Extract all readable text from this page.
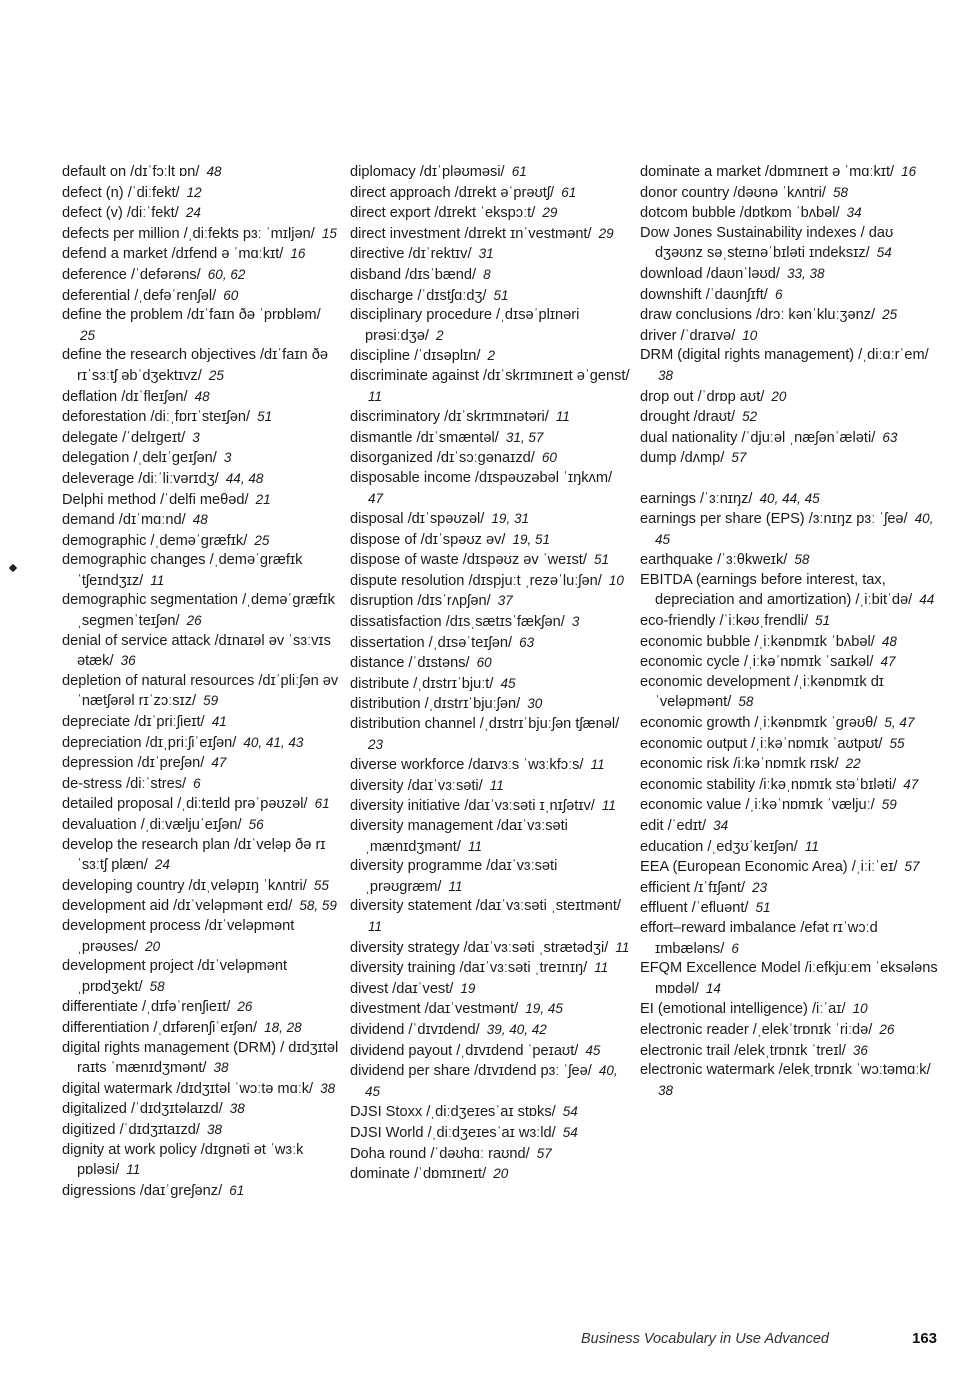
default on /dɪˈfɔːlt ɒn/ 48
defect (n) /ˈdiːfekt/ 12
defect (v) /diːˈfekt/ 24
defects per million /ˌdiːfekts pɜː ˈmɪljən/ 15
defend a market /dɪfend ə ˈmɑːkɪt/ 16
deference /ˈdefərəns/ 60, 62
deferential /ˌdefəˈrenʃəl/ 60
define the problem /dɪˈfaɪn ðə ˈprɒbləm/ 25
define the research objectives /dɪˈfaɪn ðə rɪˈsɜːtʃ əbˈdʒektɪvz/ 25
deflation /dɪˈfleɪʃən/ 48
deforestation /diːˌfɒrɪˈsteɪʃən/ 51
delegate /ˈdelɪgeɪt/ 3
delegation /ˌdelɪˈgeɪʃən/ 3
deleverage /diːˈliːvərɪdʒ/ 44, 48
Delphi method /ˈdelfi meθəd/ 21
demand /dɪˈmɑːnd/ 48
demographic /ˌdeməˈgræfɪk/ 25
demographic changes /ˌdeməˈgræfɪk ˈtʃeɪndʒɪz/ 11
demographic segmentation /ˌdeməˈgræfɪk ˌsegmenˈteɪʃən/ 26
denial of service attack /dɪnaɪəl əv ˈsɜːvɪs ətæk/ 36
depletion of natural resources /dɪˈpliːʃən əv ˈnætʃərəl rɪˈzɔːsɪz/ 59
depreciate /dɪˈpriːʃieɪt/ 41
depreciation /dɪˌpriːʃiˈeɪʃən/ 40, 41, 43
depression /dɪˈpreʃən/ 47
de-stress /diːˈstres/ 6
detailed proposal /ˌdiːteɪld prəˈpəʊzəl/ 61
devaluation /ˌdiːvæljuˈeɪʃən/ 56
develop the research plan /dɪˈveləp ðə rɪˈsɜːtʃ plæn/ 24
developing country /dɪˌveləpɪŋ ˈkʌntri/ 55
development aid /dɪˈveləpmənt eɪd/ 58, 59
development process /dɪˈveləpmənt ˌprəʊses/ 20
development project /dɪˈveləpmənt ˌprɒdʒekt/ 58
differentiate /ˌdɪfəˈrenʃieɪt/ 26
differentiation /ˌdɪfərenʃiˈeɪʃən/ 18, 28
digital rights management (DRM) / dɪdʒɪtəl raɪts ˈmænɪdʒmənt/ 38
digital watermark /dɪdʒɪtəl ˈwɔːtə mɑːk/ 38
digitalized /ˈdɪdʒɪtəlaɪzd/ 38
digitized /ˈdɪdʒɪtaɪzd/ 38
dignity at work policy /dɪgnəti ət ˈwɜːk pɒləsi/ 11
digressions /daɪˈgreʃənz/ 61
diplomacy /dɪˈpləʊməsi/ 61
direct approach /dɪrekt əˈprəʊtʃ/ 61
direct export /dɪrekt ˈekspɔːt/ 29
direct investment /dɪrekt ɪnˈvestmənt/ 29
directive /dɪˈrektɪv/ 31
disband /dɪsˈbænd/ 8
discharge /ˈdɪstʃɑːdʒ/ 51
disciplinary procedure /ˌdɪsəˈplɪnəri prəsiːdʒə/ 2
discipline /ˈdɪsəplɪn/ 2
discriminate against /dɪˈskrɪmɪneɪt əˈgenst/ 11
discriminatory /dɪˈskrɪmɪnətəri/ 11
dismantle /dɪˈsmæntəl/ 31, 57
disorganized /dɪˈsɔːgənaɪzd/ 60
disposable income /dɪspəʊzəbəl ˈɪŋkʌm/ 47
disposal /dɪˈspəʊzəl/ 19, 31
dispose of /dɪˈspəʊz əv/ 19, 51
dispose of waste /dɪspəʊz əv ˈweɪst/ 51
dispute resolution /dɪspjuːt ˌrezəˈluːʃən/ 10
disruption /dɪsˈrʌpʃən/ 37
dissatisfaction /dɪsˌsætɪsˈfækʃən/ 3
dissertation /ˌdɪsəˈteɪʃən/ 63
distance /ˈdɪstəns/ 60
distribute /ˌdɪstrɪˈbjuːt/ 45
distribution /ˌdɪstrɪˈbjuːʃən/ 30
distribution channel /ˌdɪstrɪˈbjuːʃən tʃænəl/ 23
diverse workforce /daɪvɜːs ˈwɜːkfɔːs/ 11
diversity /daɪˈvɜːsəti/ 11
diversity initiative /daɪˈvɜːsəti ɪˌnɪʃətɪv/ 11
diversity management /daɪˈvɜːsəti ˌmænɪdʒmənt/ 11
diversity programme /daɪˈvɜːsəti ˌprəʊgræm/ 11
diversity statement /daɪˈvɜːsəti ˌsteɪtmənt/ 11
diversity strategy /daɪˈvɜːsəti ˌstrætədʒi/ 11
diversity training /daɪˈvɜːsəti ˌtreɪnɪŋ/ 11
divest /daɪˈvest/ 19
divestment /daɪˈvestmənt/ 19, 45
dividend /ˈdɪvɪdend/ 39, 40, 42
dividend payout /ˌdɪvɪdend ˈpeɪaʊt/ 45
dividend per share /dɪvɪdend pɜː ˈʃeə/ 40, 45
DJSI Stoxx /ˌdiːdʒeɪesˈaɪ stɒks/ 54
DJSI World /ˌdiːdʒeɪesˈaɪ wɜːld/ 54
Doha round /ˈdəʊhɑː raʊnd/ 57
dominate /ˈdɒmɪneɪt/ 20
dominate a market /dɒmɪneɪt ə ˈmɑːkɪt/ 16
donor country /dəʊnə ˈkʌntri/ 58
dotcom bubble /dɒtkɒm ˈbʌbəl/ 34
Dow Jones Sustainability indexes / daʊ dʒəʊnz səˌsteɪnəˈbɪləti ɪndeksɪz/ 54
download /daʊnˈləʊd/ 33, 38
downshift /ˈdaʊnʃɪft/ 6
draw conclusions /drɔː kənˈkluːʒənz/ 25
driver /ˈdraɪvə/ 10
DRM (digital rights management) /ˌdiːɑːrˈem/ 38
drop out /ˈdrɒp aʊt/ 20
drought /draʊt/ 52
dual nationality /ˈdjuːəl ˌnæʃənˈæləti/ 63
dump /dʌmp/ 57
earnings /ˈɜːnɪŋz/ 40, 44, 45
earnings per share (EPS) /ɜːnɪŋz pɜː ˈʃeə/ 40, 45
earthquake /ˈɜːθkweɪk/ 58
EBITDA (earnings before interest, tax, depreciation and amortization) /ˌiːbitˈdə/ 44
eco-friendly /ˈiːkəʊˌfrendli/ 51
economic bubble /ˌiːkənɒmɪk ˈbʌbəl/ 48
economic cycle /ˌiːkəˈnɒmɪk ˈsaɪkəl/ 47
economic development /ˌiːkənɒmɪk dɪˈveləpmənt/ 58
economic growth /ˌiːkənɒmɪk ˈgrəʊθ/ 5, 47
economic output /ˌiːkəˈnɒmɪk ˈaʊtpʊt/ 55
economic risk /iːkəˈnɒmɪk rɪsk/ 22
economic stability /iːkəˌnɒmɪk stəˈbɪləti/ 47
economic value /ˌiːkəˈnɒmɪk ˈvæljuː/ 59
edit /ˈedɪt/ 34
education /ˌedʒʊˈkeɪʃən/ 11
EEA (European Economic Area) /ˌiːiːˈeɪ/ 57
efficient /ɪˈfɪʃənt/ 23
effluent /ˈefluənt/ 51
effort–reward imbalance /efət rɪˈwɔːd ɪmbæləns/ 6
EFQM Excellence Model /iːefkjuːem ˈeksələns mɒdəl/ 14
EI (emotional intelligence) /iːˈaɪ/ 10
electronic reader /ˌelekˈtrɒnɪk ˈriːdə/ 26
electronic trail /elekˌtrɒnɪk ˈtreɪl/ 36
electronic watermark /elekˌtrɒnɪk ˈwɔːtəmɑːk/ 38
Business Vocabulary in Use Advanced	163
